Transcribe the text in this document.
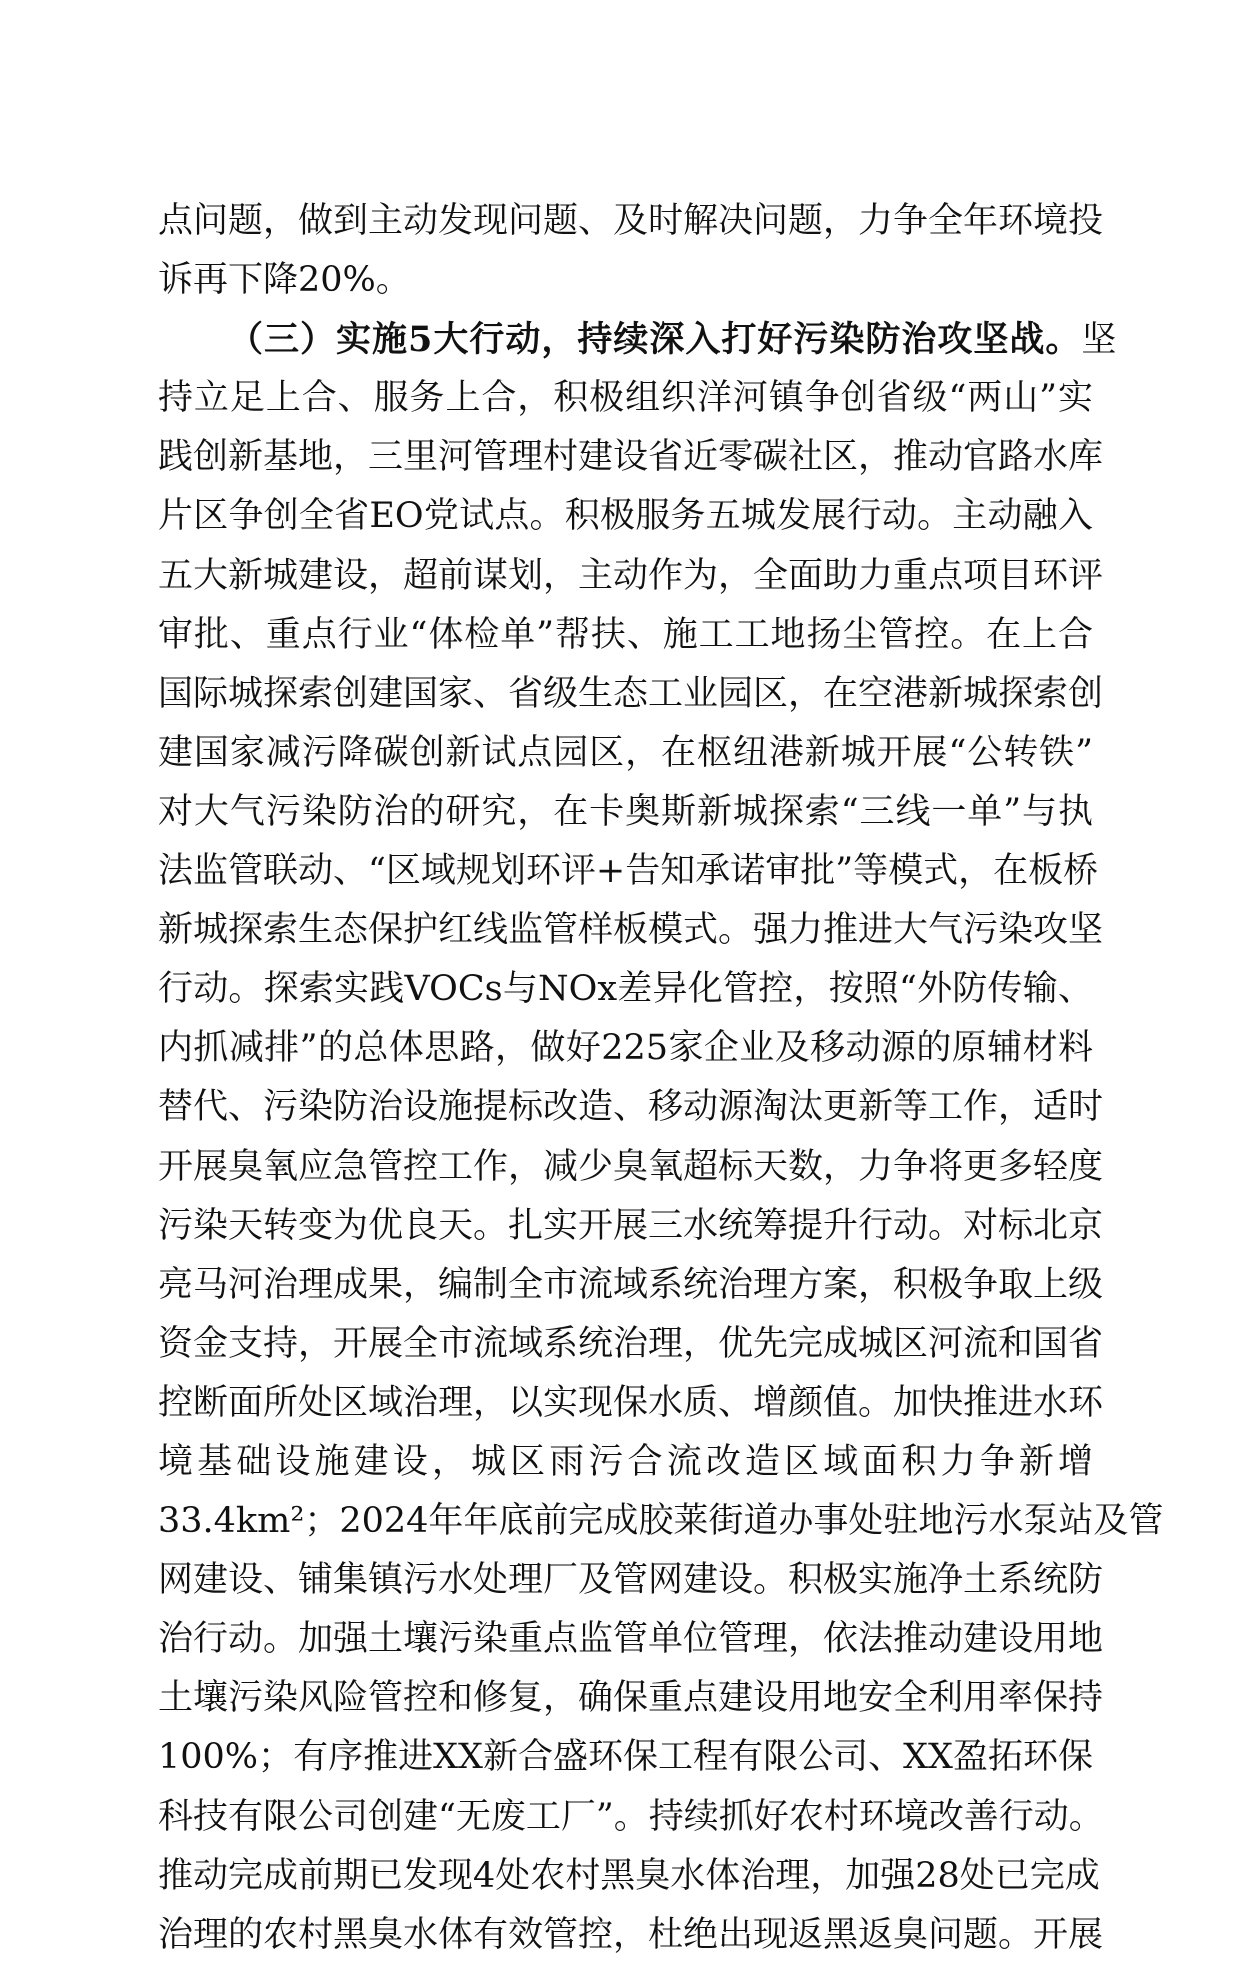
点问题，做到主动发现问题、及时解决问题，力争全年环境投
诉再下降20%。
（三）实施5大行动，持续深入打好污染防治攻坚战。坚
持立足上合、服务上合，积极组织洋河镇争创省级“两山”实
践创新基地，三里河管理村建设省近零碳社区，推动官路水库
片区争创全省EO党试点。积极服务五城发展行动。主动融入
五大新城建设，超前谋划，主动作为，全面助力重点项目环评
审批、重点行业“体检单”帮扶、施工工地扬尘管控。在上合
国际城探索创建国家、省级生态工业园区，在空港新城探索创
建国家减污降碳创新试点园区，在枢纽港新城开展“公转铁”
对大气污染防治的研究，在卡奥斯新城探索“三线一单”与执
法监管联动、“区域规划环评+告知承诺审批”等模式，在板桥
新城探索生态保护红线监管样板模式。强力推进大气污染攻坚
行动。探索实践VOCs与NOx差异化管控，按照“外防传输、
内抓减排”的总体思路，做好225家企业及移动源的原辅材料
替代、污染防治设施提标改造、移动源淘汰更新等工作，适时
开展臭氧应急管控工作，减少臭氧超标天数，力争将更多轻度
污染天转变为优良天。扎实开展三水统筹提升行动。对标北京
亮马河治理成果，编制全市流域系统治理方案，积极争取上级
资金支持，开展全市流域系统治理，优先完成城区河流和国省
控断面所处区域治理，以实现保水质、增颜值。加快推进水环
境基础设施建设，城区雨污合流改造区域面积力争新增
33.4km²；2024年年底前完成胶莱街道办事处驻地污水泵站及管
网建设、铺集镇污水处理厂及管网建设。积极实施净土系统防
治行动。加强土壤污染重点监管单位管理，依法推动建设用地
土壤污染风险管控和修复，确保重点建设用地安全利用率保持
100%；有序推进XX新合盛环保工程有限公司、XX盈拓环保
科技有限公司创建“无废工厂”。持续抓好农村环境改善行动。
推动完成前期已发现4处农村黑臭水体治理，加强28处已完成
治理的农村黑臭水体有效管控，杜绝出现返黑返臭问题。开展
